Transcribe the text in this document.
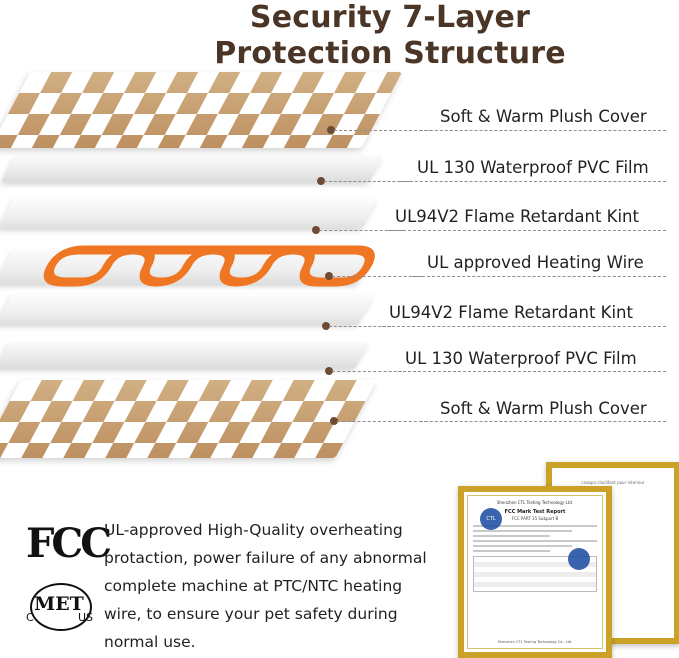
Security 7-Layer
Protection Structure
Soft & Warm Plush Cover
UL 130 Waterproof PVC Film
UL94V2 Flame Retardant Kint
UL approved Heating Wire
UL94V2 Flame Retardant Kint
UL 130 Waterproof PVC Film
Soft & Warm Plush Cover
FCC
MET
C	US
UL-approved High-Quality overheating protaction, power failure of any abnormal complete machine at PTC/NTC heating wire, to ensure your pet safety during normal use.
ceaopn.claidifant pour interieur
Shenzhen CTL Testing Technology Ltd.
FCC Mark Test Report
FCC PART 15 Subpart B
Shenzhen CTL Testing Technology Co., Ltd.
CTL
